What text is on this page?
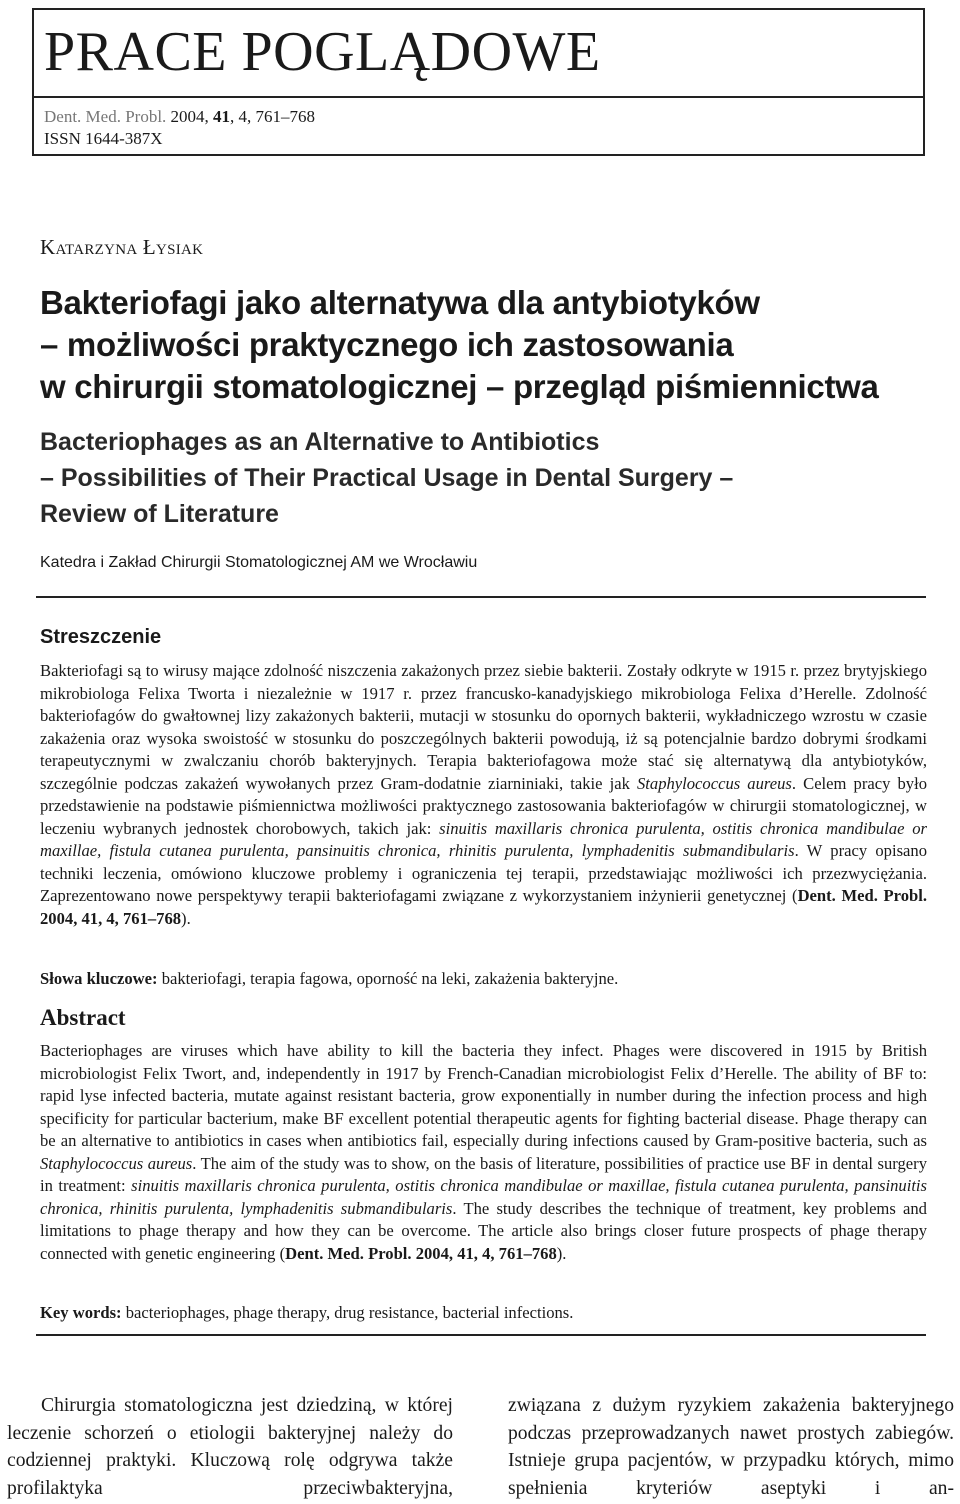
PRACE POGLĄDOWE
Dent. Med. Probl. 2004, 41, 4, 761–768
ISSN 1644-387X
KATARZYNA ŁYSIAK
Bakteriofagi jako alternatywa dla antybiotyków
– możliwości praktycznego ich zastosowania
w chirurgii stomatologicznej – przegląd piśmiennictwa
Bacteriophages as an Alternative to Antibiotics
– Possibilities of Their Practical Usage in Dental Surgery –
Review of Literature
Katedra i Zakład Chirurgii Stomatologicznej AM we Wrocławiu
Streszczenie
Bakteriofagi są to wirusy mające zdolność niszczenia zakażonych przez siebie bakterii. Zostały odkryte w 1915 r. przez brytyjskiego mikrobiologa Felixa Tworta i niezależnie w 1917 r. przez francusko-kanadyjskiego mikrobiologa Felixa d’Herelle. Zdolność bakteriofagów do gwałtownej lizy zakażonych bakterii, mutacji w stosunku do opornych bakterii, wykładniczego wzrostu w czasie zakażenia oraz wysoka swoistość w stosunku do poszczególnych bakterii powodują, iż są potencjalnie bardzo dobrymi środkami terapeutycznymi w zwalczaniu chorób bakteryjnych. Terapia bakteriofagowa może stać się alternatywą dla antybiotyków, szczególnie podczas zakażeń wywołanych przez Gram-dodatnie ziarniniaki, takie jak Staphylococcus aureus. Celem pracy było przedstawienie na podstawie piśmiennictwa możliwości praktycznego zastosowania bakteriofagów w chirurgii stomatologicznej, w leczeniu wybranych jednostek chorobowych, takich jak: sinuitis maxillaris chronica purulenta, ostitis chronica mandibulae or maxillae, fistula cutanea purulenta, pansinuitis chronica, rhinitis purulenta, lymphadenitis submandibularis. W pracy opisano techniki leczenia, omówiono kluczowe problemy i ograniczenia tej terapii, przedstawiając możliwości ich przezwyciężania. Zaprezentowano nowe perspektywy terapii bakteriofagami związane z wykorzystaniem inżynierii genetycznej (Dent. Med. Probl. 2004, 41, 4, 761–768).
Słowa kluczowe: bakteriofagi, terapia fagowa, oporność na leki, zakażenia bakteryjne.
Abstract
Bacteriophages are viruses which have ability to kill the bacteria they infect. Phages were discovered in 1915 by British microbiologist Felix Twort, and, independently in 1917 by French-Canadian microbiologist Felix d’Herelle. The ability of BF to: rapid lyse infected bacteria, mutate against resistant bacteria, grow exponentially in number during the infection process and high specificity for particular bacterium, make BF excellent potential therapeutic agents for fighting bacterial disease. Phage therapy can be an alternative to antibiotics in cases when antibiotics fail, especially during infections caused by Gram-positive bacteria, such as Staphylococcus aureus. The aim of the study was to show, on the basis of literature, possibilities of practice use BF in dental surgery in treatment: sinuitis maxillaris chronica purulenta, ostitis chronica mandibulae or maxillae, fistula cutanea purulenta, pansinuitis chronica, rhinitis purulenta, lymphadenitis submandibularis. The study describes the technique of treatment, key problems and limitations to phage therapy and how they can be overcome. The article also brings closer future prospects of phage therapy connected with genetic engineering (Dent. Med. Probl. 2004, 41, 4, 761–768).
Key words: bacteriophages, phage therapy, drug resistance, bacterial infections.
Chirurgia stomatologiczna jest dziedziną, w której leczenie schorzeń o etiologii bakteryjnej należy do codziennej praktyki. Kluczową rolę odgrywa także profilaktyka przeciwbakteryjna,
związana z dużym ryzykiem zakażenia bakteryjnego podczas przeprowadzanych nawet prostych zabiegów. Istnieje grupa pacjentów, w przypadku których, mimo spełnienia kryteriów aseptyki i an-
